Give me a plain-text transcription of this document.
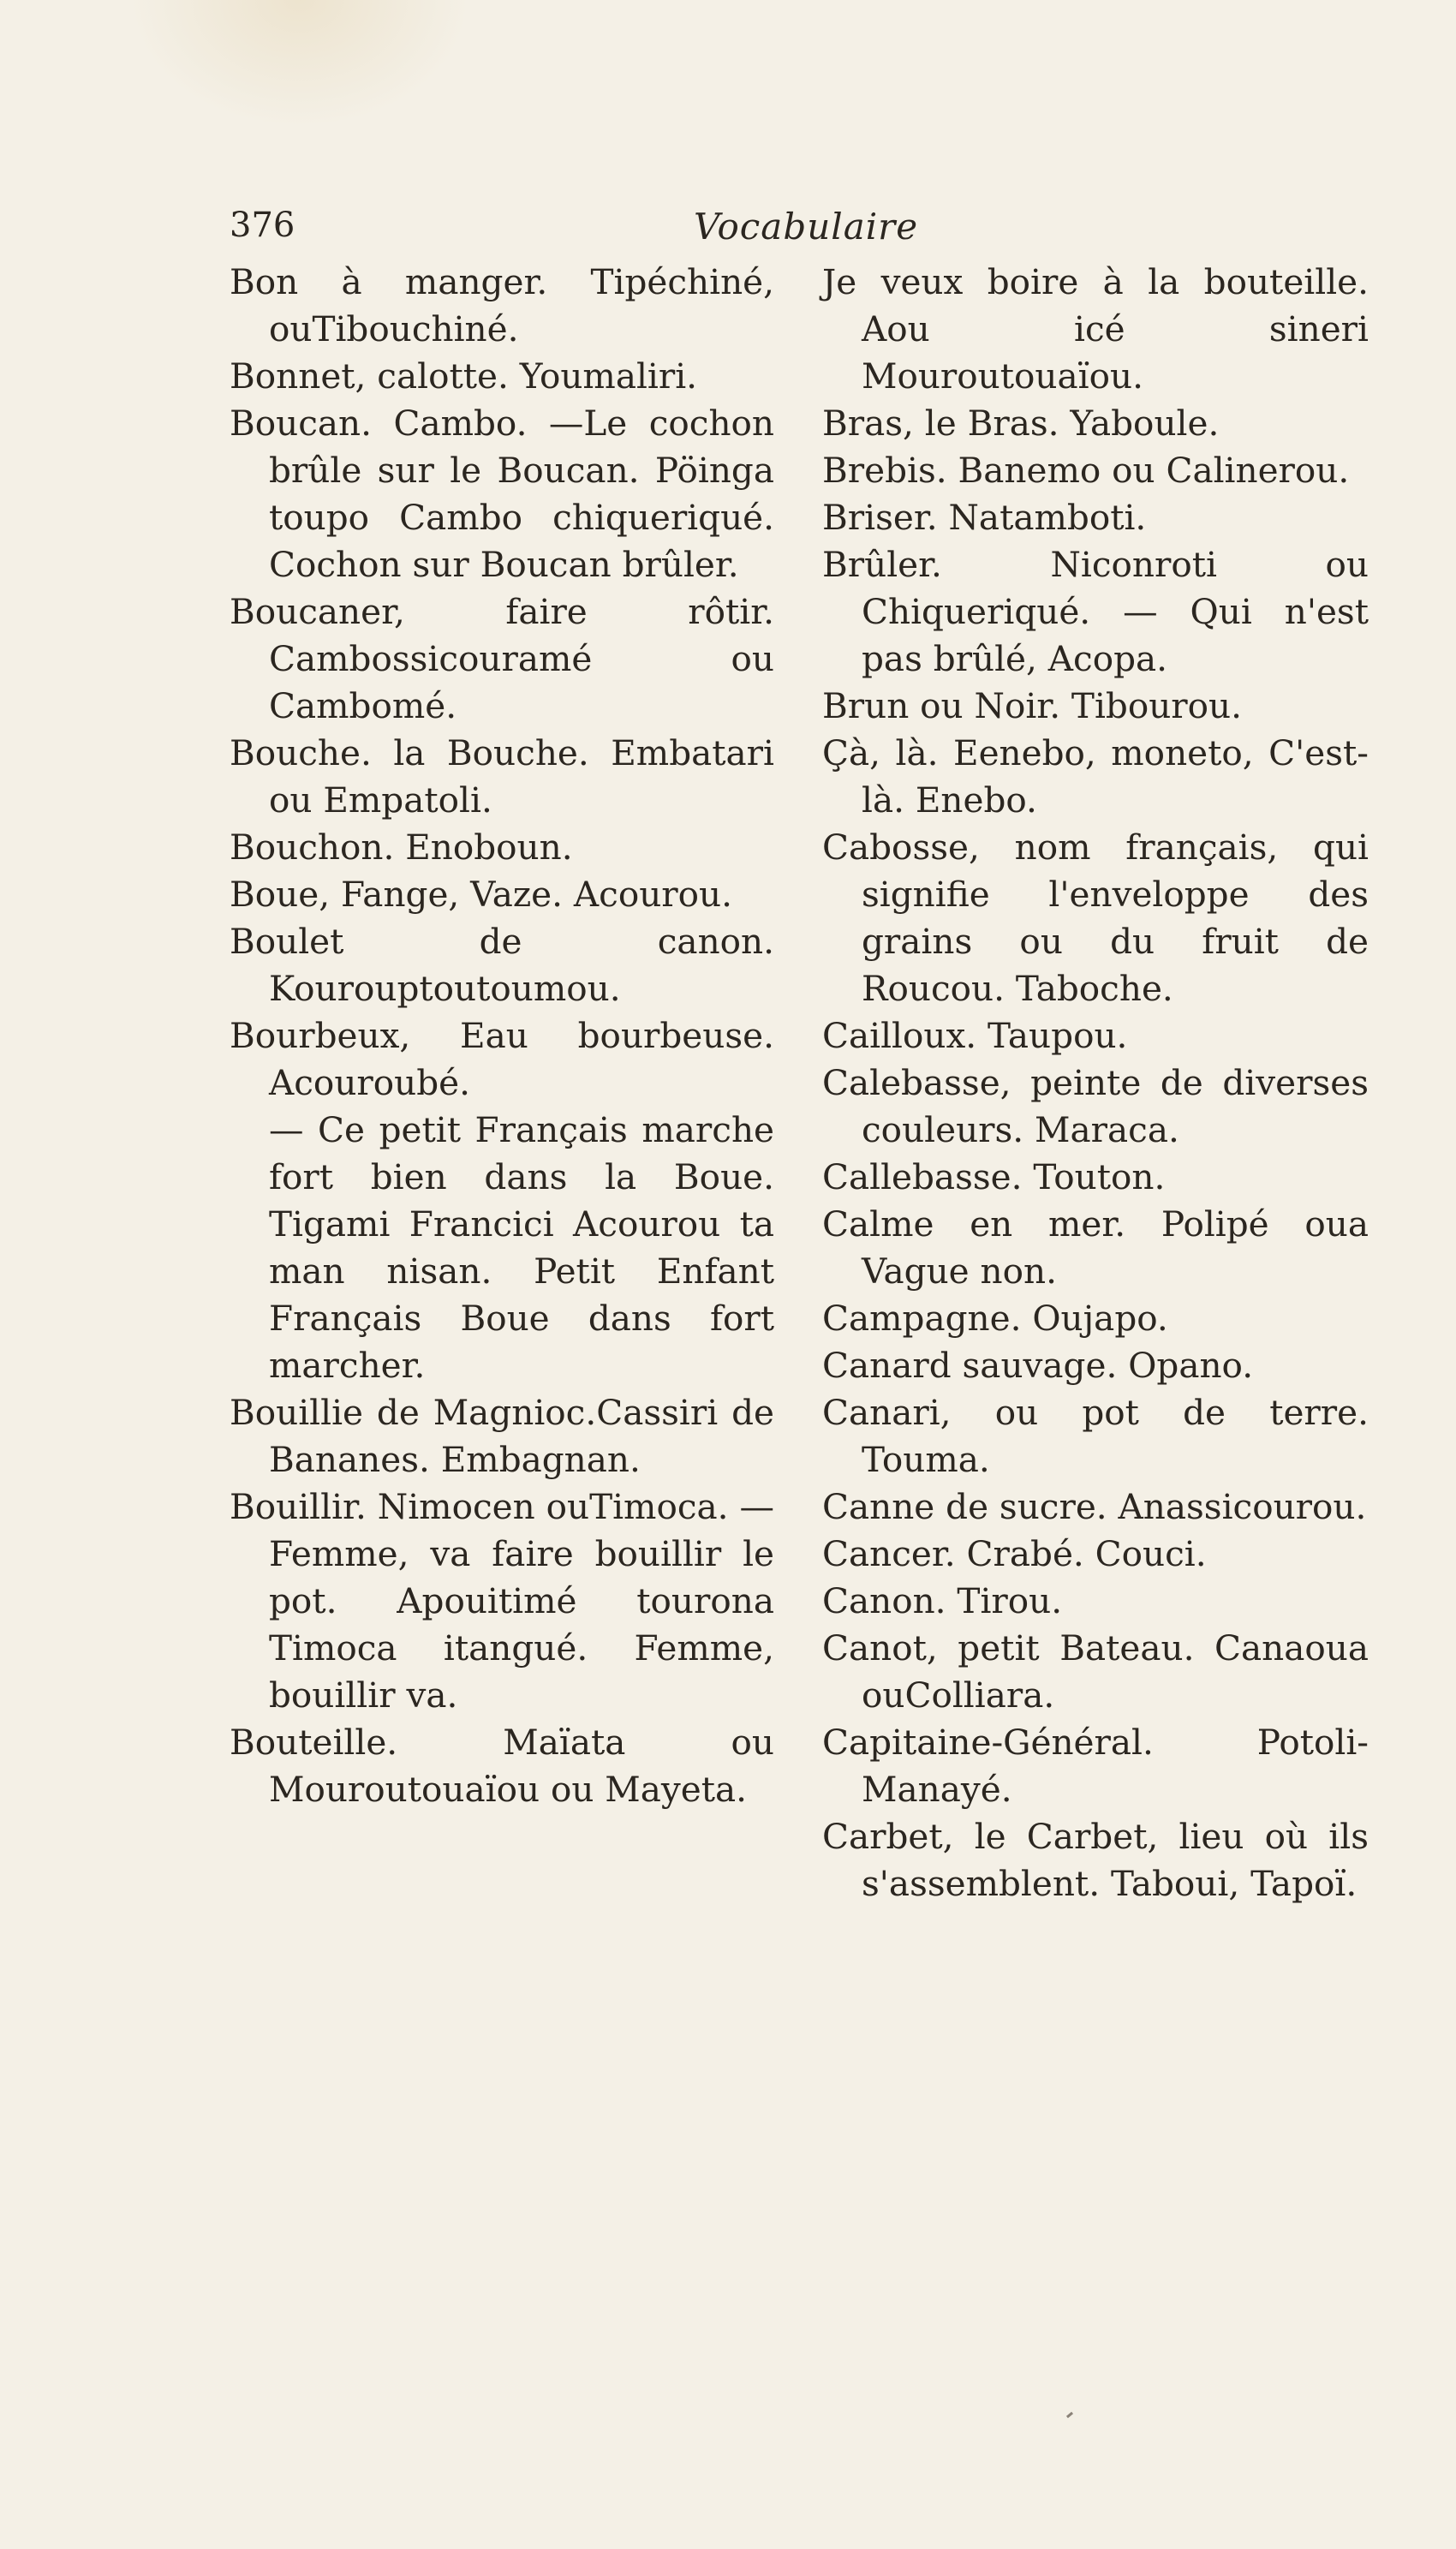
376	Vocabulaire

Bon à manger. Tipéchiné, ouTibouchiné.

Bonnet, calotte. Youmaliri.

Boucan. Cambo. —Le cochon brûle sur le Boucan. Pöinga toupo Cambo chiqueriqué. Cochon sur Boucan brûler.

Boucaner, faire rôtir. Cambossicouramé ou Cambomé.

Bouche. la Bouche. Embatari ou Empatoli.

Bouchon. Enoboun.

Boue, Fange, Vaze. Acourou.

Boulet de canon. Kourouptoutoumou.

Bourbeux, Eau bourbeuse. Acouroubé.

— Ce petit Français marche fort bien dans la Boue. Tigami Francici Acourou ta man nisan. Petit Enfant Français Boue dans fort marcher.

Bouillie de Magnioc.Cassiri de Bananes. Embagnan.

Bouillir. Nimocen ouTimoca. — Femme, va faire bouillir le pot. Apouitimé tourona Timoca itangué. Femme, bouillir va.

Bouteille. Maïata ou Mouroutouaïou ou Mayeta.

Je veux boire à la bouteille. Aou icé sineri Mouroutouaïou.

Bras, le Bras. Yaboule.

Brebis. Banemo ou Calinerou.

Briser. Natamboti.

Brûler. Niconroti ou Chiqueriqué. — Qui n'est pas brûlé, Acopa.

Brun ou Noir. Tibourou.

Çà, là. Eenebo, moneto, C'est-là. Enebo.

Cabosse, nom français, qui signifie l'enveloppe des grains ou du fruit de Roucou. Taboche.

Cailloux. Taupou.

Calebasse, peinte de diverses couleurs. Maraca.

Callebasse. Touton.

Calme en mer. Polipé oua Vague non.

Campagne. Oujapo.

Canard sauvage. Opano.

Canari, ou pot de terre. Touma.

Canne de sucre. Anassicourou.

Cancer. Crabé. Couci.

Canon. Tirou.

Canot, petit Bateau. Canaoua ouColliara.

Capitaine-Général. Potoli-Manayé.

Carbet, le Carbet, lieu où ils s'assemblent. Taboui, Tapoï.
